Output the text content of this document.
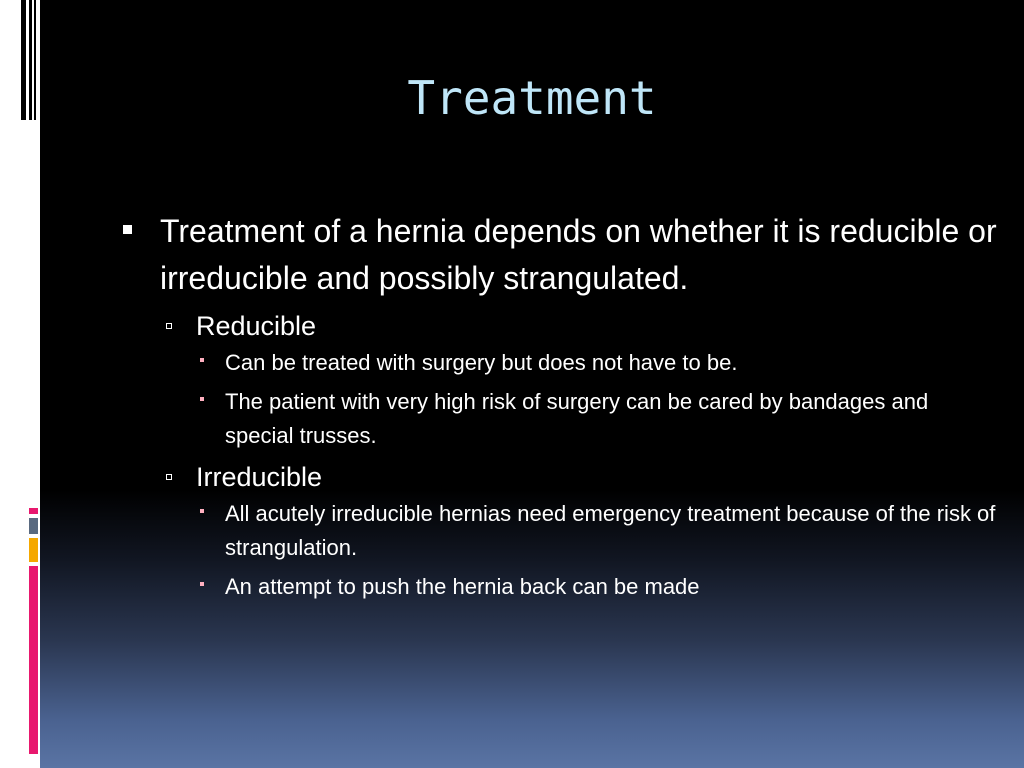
Treatment
Treatment of a hernia depends on whether it is reducible or irreducible and possibly strangulated.
Reducible
Can be treated with surgery but does not have to be.
The patient with very high risk of surgery can be cared by bandages and special trusses.
Irreducible
All acutely irreducible hernias need emergency treatment because of the risk of strangulation.
An attempt to push the hernia back can be made
